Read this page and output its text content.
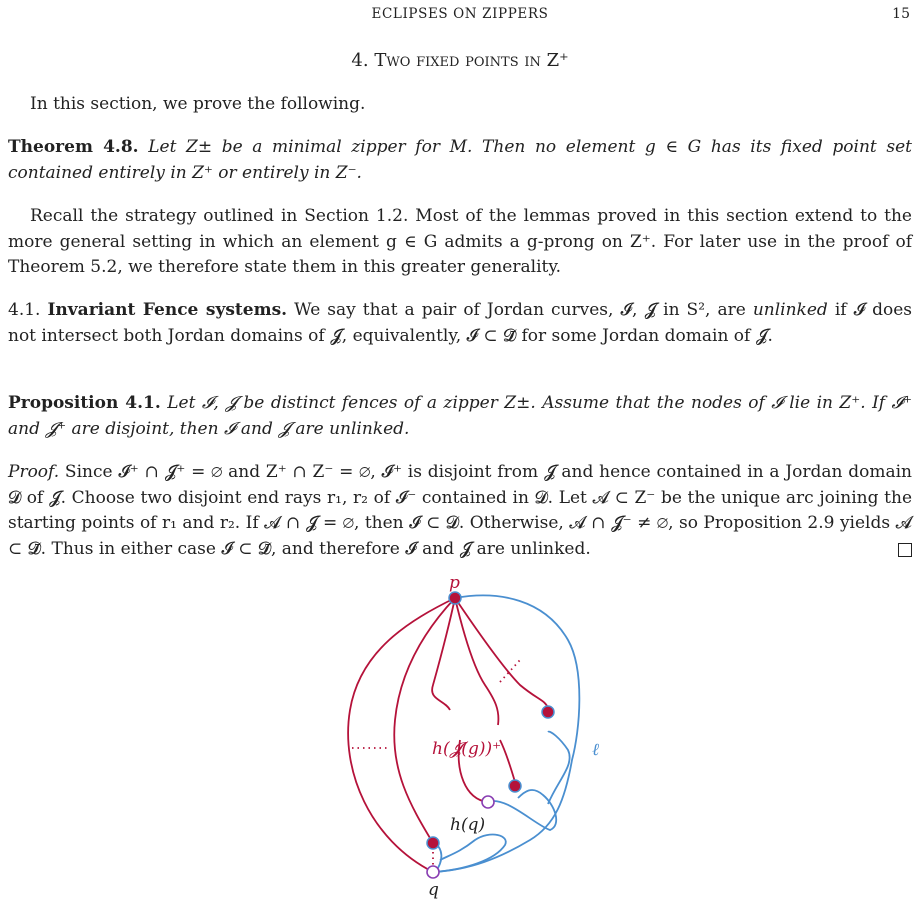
ECLIPSES ON ZIPPERS	15
4. Two fixed points in Z⁺
In this section, we prove the following.
Theorem 4.8. Let Z± be a minimal zipper for M. Then no element g ∈ G has its fixed point set contained entirely in Z⁺ or entirely in Z⁻.
Recall the strategy outlined in Section 1.2. Most of the lemmas proved in this section extend to the more general setting in which an element g ∈ G admits a g-prong on Z⁺. For later use in the proof of Theorem 5.2, we therefore state them in this greater generality.
4.1. Invariant Fence systems. We say that a pair of Jordan curves, 𝓘, 𝓙 in S², are unlinked if 𝓘 does not intersect both Jordan domains of 𝓙, equivalently, 𝓘 ⊂ 𝓓̄ for some Jordan domain of 𝓙.
Proposition 4.1. Let 𝓘, 𝓙 be distinct fences of a zipper Z±. Assume that the nodes of 𝓘 lie in Z⁺. If 𝓘⁺ and 𝓙⁺ are disjoint, then 𝓘 and 𝓙 are unlinked.
Proof. Since 𝓘⁺ ∩ 𝓙⁺ = ∅ and Z⁺ ∩ Z⁻ = ∅, 𝓘⁺ is disjoint from 𝓙 and hence contained in a Jordan domain 𝓓 of 𝓙. Choose two disjoint end rays r₁, r₂ of 𝓘⁻ contained in 𝓓. Let 𝓐 ⊂ Z⁻ be the unique arc joining the starting points of r₁ and r₂. If 𝓐 ∩ 𝓙 = ∅, then 𝓘 ⊂ 𝓓. Otherwise, 𝓐 ∩ 𝓙⁻ ≠ ∅, so Proposition 2.9 yields 𝓐 ⊂ 𝓓̄. Thus in either case 𝓘 ⊂ 𝓓̄, and therefore 𝓘 and 𝓙 are unlinked.
p
q
h(q)
h(𝓙(g))⁺	ℓ
